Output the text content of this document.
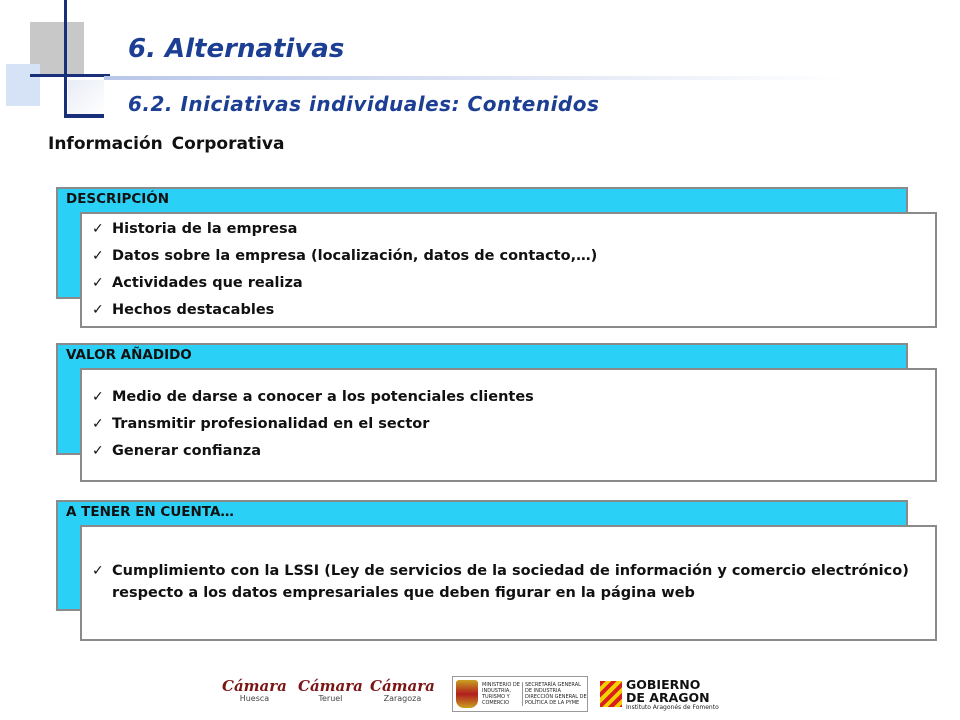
6. Alternativas
6.2. Iniciativas individuales: Contenidos
Información Corporativa
DESCRIPCIÓN
✓ Historia de la empresa
✓ Datos sobre la empresa (localización, datos de contacto,…)
✓ Actividades que realiza
✓ Hechos destacables
VALOR AÑADIDO
✓ Medio de darse a conocer a los potenciales clientes
✓ Transmitir profesionalidad en el sector
✓ Generar confianza
A TENER EN CUENTA…
✓ Cumplimiento con la LSSI (Ley de servicios de la sociedad de información y comercio electrónico) respecto a los datos empresariales que deben figurar en la página web
Cámara
Huesca
Cámara
Teruel
Cámara
Zaragoza
MINISTERIO DE INDUSTRIA, TURISMO Y COMERCIO
SECRETARÍA GENERAL DE INDUSTRIA DIRECCIÓN GENERAL DE POLÍTICA DE LA PYME
GOBIERNO
DE ARAGON
Instituto Aragonés de Fomento
